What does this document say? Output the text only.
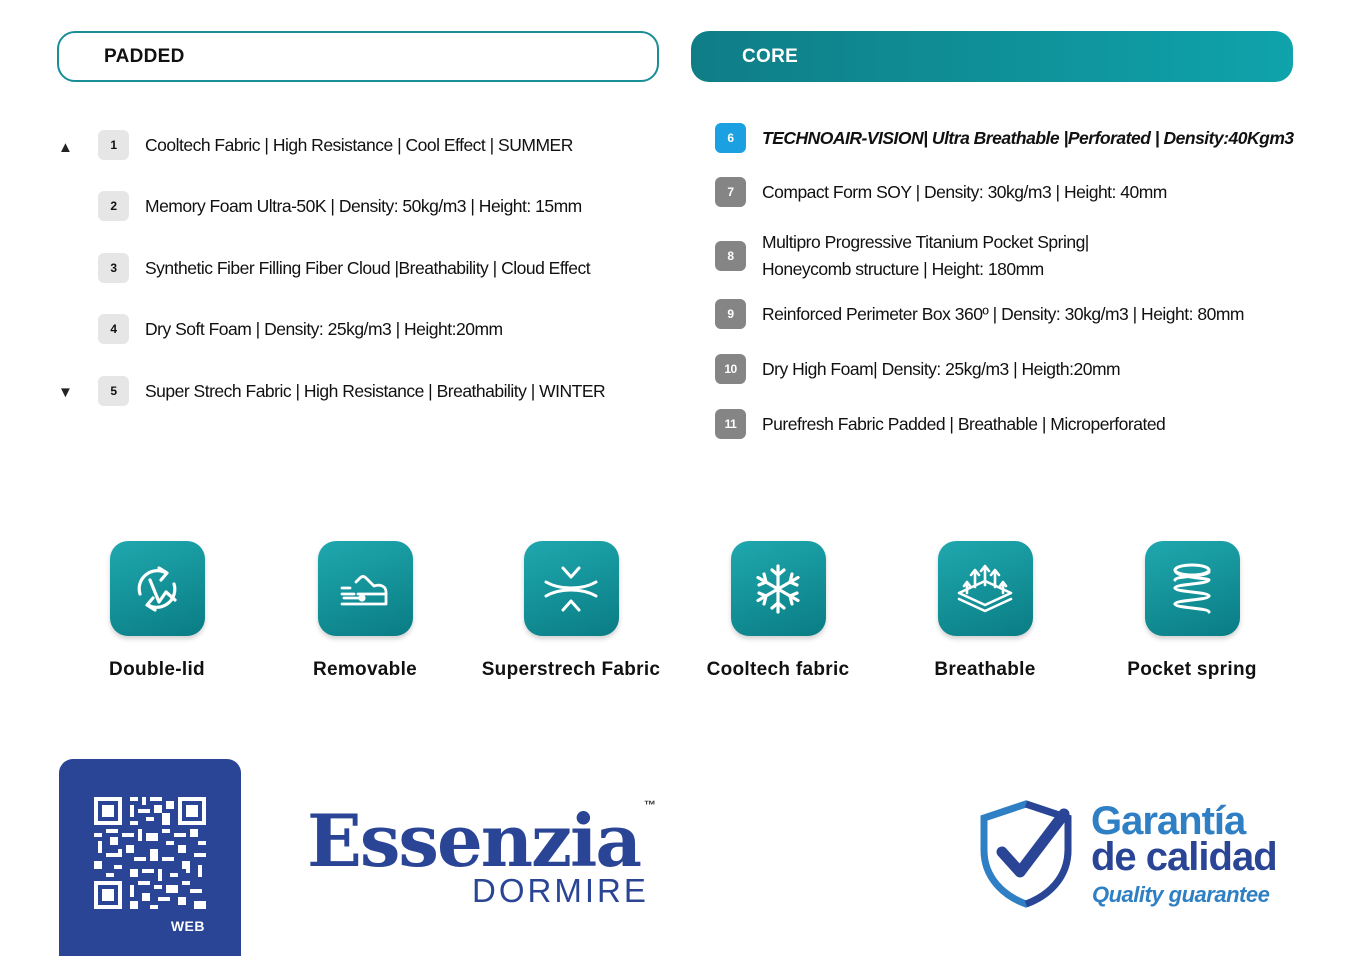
PADDED	CORE
▲
▼
1	Cooltech Fabric | High Resistance | Cool Effect | SUMMER
2	Memory Foam Ultra-50K | Density: 50kg/m3 | Height: 15mm
3	Synthetic Fiber Filling Fiber Cloud |Breathability | Cloud Effect
4	Dry Soft Foam | Density: 25kg/m3 | Height:20mm
5	Super Strech Fabric | High Resistance | Breathability | WINTER
6	TECHNOAIR-VISION| Ultra Breathable |Perforated | Density:40Kgm3
7	Compact Form SOY | Density: 30kg/m3 | Height: 40mm
8
Multipro Progressive Titanium Pocket Spring|
Honeycomb structure | Height: 180mm
9	Reinforced Perimeter Box 360º | Density: 30kg/m3 | Height: 80mm
10	Dry High Foam| Density: 25kg/m3 | Heigth:20mm
11	Purefresh Fabric Padded | Breathable | Microperforated
Double-lid	Removable	Superstrech Fabric	Cooltech fabric	Breathable	Pocket spring
WEB
Essenzia ™
DORMIRE
Garantía
de calidad
Quality guarantee
